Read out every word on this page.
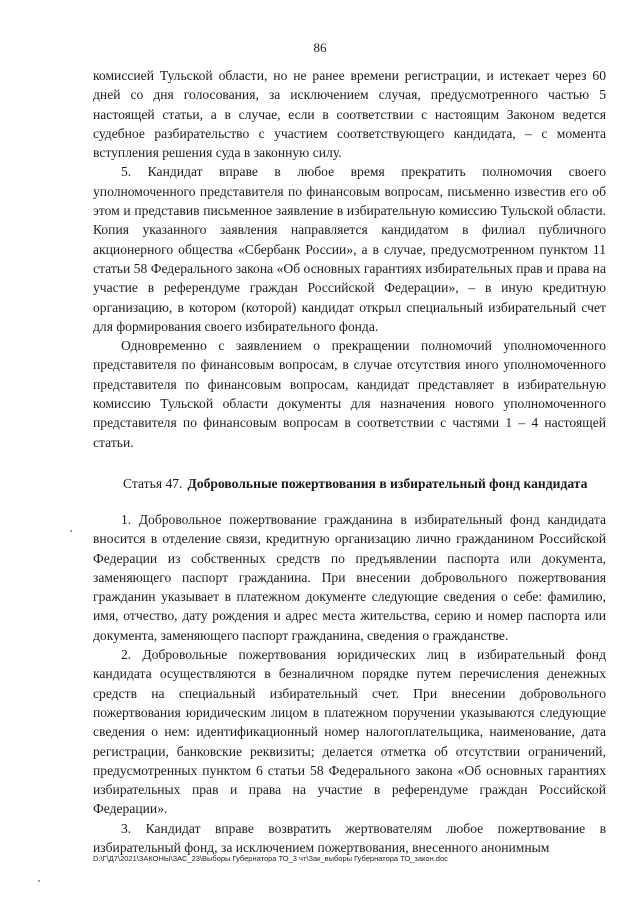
86

комиссией Тульской области, но не ранее времени регистрации, и истекает через 60 дней со дня голосования, за исключением случая, предусмотренного частью 5 настоящей статьи, а в случае, если в соответствии с настоящим Законом ведется судебное разбирательство с участием соответствующего кандидата, – с момента вступления решения суда в законную силу.

5. Кандидат вправе в любое время прекратить полномочия своего уполномоченного представителя по финансовым вопросам, письменно известив его об этом и представив письменное заявление в избирательную комиссию Тульской области. Копия указанного заявления направляется кандидатом в филиал публичного акционерного общества «Сбербанк России», а в случае, предусмотренном пунктом 11 статьи 58 Федерального закона «Об основных гарантиях избирательных прав и права на участие в референдуме граждан Российской Федерации», – в иную кредитную организацию, в котором (которой) кандидат открыл специальный избирательный счет для формирования своего избирательного фонда.

Одновременно с заявлением о прекращении полномочий уполномоченного представителя по финансовым вопросам, в случае отсутствия иного уполномоченного представителя по финансовым вопросам, кандидат представляет в избирательную комиссию Тульской области документы для назначения нового уполномоченного представителя по финансовым вопросам в соответствии с частями 1 – 4 настоящей статьи.

Статья 47. Добровольные пожертвования в избирательный фонд кандидата

1. Добровольное пожертвование гражданина в избирательный фонд кандидата вносится в отделение связи, кредитную организацию лично гражданином Российской Федерации из собственных средств по предъявлении паспорта или документа, заменяющего паспорт гражданина. При внесении добровольного пожертвования гражданин указывает в платежном документе следующие сведения о себе: фамилию, имя, отчество, дату рождения и адрес места жительства, серию и номер паспорта или документа, заменяющего паспорт гражданина, сведения о гражданстве.

2. Добровольные пожертвования юридических лиц в избирательный фонд кандидата осуществляются в безналичном порядке путем перечисления денежных средств на специальный избирательный счет. При внесении добровольного пожертвования юридическим лицом в платежном поручении указываются следующие сведения о нем: идентификационный номер налогоплательщика, наименование, дата регистрации, банковские реквизиты; делается отметка об отсутствии ограничений, предусмотренных пунктом 6 статьи 58 Федерального закона «Об основных гарантиях избирательных прав и права на участие в референдуме граждан Российской Федерации».

3. Кандидат вправе возвратить жертвователям любое пожертвование в избирательный фонд, за исключением пожертвования, внесенного анонимным

D:\Г\Д7\2021\ЗАКОНЫ\ЗАС_23\Выборы Губернатора ТО_3 чт\Зак_выборы Губернатора ТО_закон.doc
